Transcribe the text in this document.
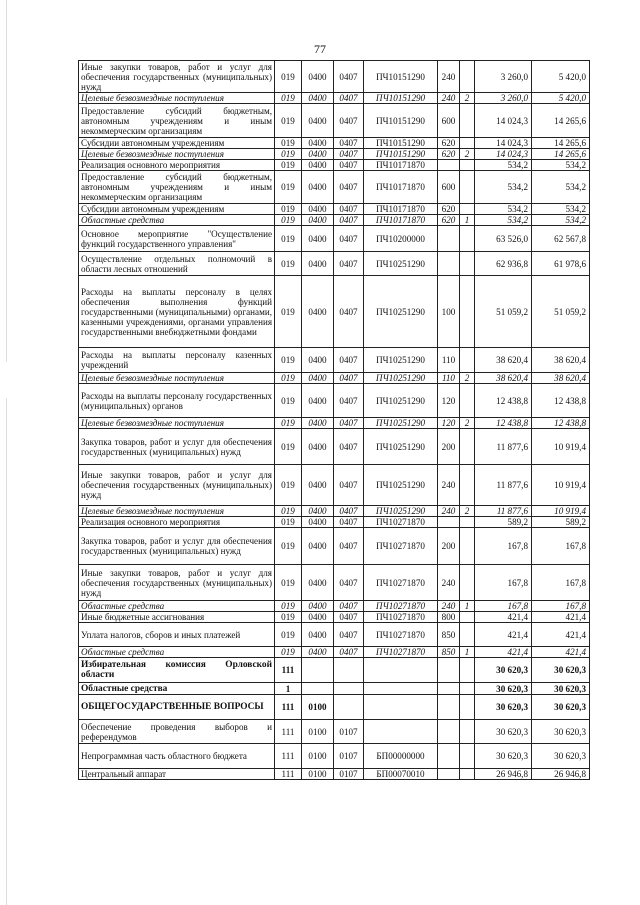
77
Иные закупки товаров, работ и услуг для обеспечения государственных (муниципальных) нужд	019	0400	0407	ПЧ10151290	240		3 260,0	5 420,0
Целевые безвозмездные поступления	019	0400	0407	ПЧ10151290	240	2	3 260,0	5 420,0
Предоставление субсидий бюджетным, автономным учреждениям и иным некоммерческим организациям	019	0400	0407	ПЧ10151290	600		14 024,3	14 265,6
Субсидии автономным учреждениям	019	0400	0407	ПЧ10151290	620		14 024,3	14 265,6
Целевые безвозмездные поступления	019	0400	0407	ПЧ10151290	620	2	14 024,3	14 265,6
Реализация основного мероприятия	019	0400	0407	ПЧ10171870			534,2	534,2
Предоставление субсидий бюджетным, автономным учреждениям и иным некоммерческим организациям	019	0400	0407	ПЧ10171870	600		534,2	534,2
Субсидии автономным учреждениям	019	0400	0407	ПЧ10171870	620		534,2	534,2
Областные средства	019	0400	0407	ПЧ10171870	620	1	534,2	534,2
Основное мероприятие "Осуществление функций государственного управления"	019	0400	0407	ПЧ10200000			63 526,0	62 567,8
Осуществление отдельных полномочий в области лесных отношений	019	0400	0407	ПЧ10251290			62 936,8	61 978,6
Расходы на выплаты персоналу в целях обеспечения выполнения функций государственными (муниципальными) органами, казенными учреждениями, органами управления государственными внебюджетными фондами	019	0400	0407	ПЧ10251290	100		51 059,2	51 059,2
Расходы на выплаты персоналу казенных учреждений	019	0400	0407	ПЧ10251290	110		38 620,4	38 620,4
Целевые безвозмездные поступления	019	0400	0407	ПЧ10251290	110	2	38 620,4	38 620,4
Расходы на выплаты персоналу государственных (муниципальных) органов	019	0400	0407	ПЧ10251290	120		12 438,8	12 438,8
Целевые безвозмездные поступления	019	0400	0407	ПЧ10251290	120	2	12 438,8	12 438,8
Закупка товаров, работ и услуг для обеспечения государственных (муниципальных) нужд	019	0400	0407	ПЧ10251290	200		11 877,6	10 919,4
Иные закупки товаров, работ и услуг для обеспечения государственных (муниципальных) нужд	019	0400	0407	ПЧ10251290	240		11 877,6	10 919,4
Целевые безвозмездные поступления	019	0400	0407	ПЧ10251290	240	2	11 877,6	10 919,4
Реализация основного мероприятия	019	0400	0407	ПЧ10271870			589,2	589,2
Закупка товаров, работ и услуг для обеспечения государственных (муниципальных) нужд	019	0400	0407	ПЧ10271870	200		167,8	167,8
Иные закупки товаров, работ и услуг для обеспечения государственных (муниципальных) нужд	019	0400	0407	ПЧ10271870	240		167,8	167,8
Областные средства	019	0400	0407	ПЧ10271870	240	1	167,8	167,8
Иные бюджетные ассигнования	019	0400	0407	ПЧ10271870	800		421,4	421,4
Уплата налогов, сборов и иных платежей	019	0400	0407	ПЧ10271870	850		421,4	421,4
Областные средства	019	0400	0407	ПЧ10271870	850	1	421,4	421,4
Избирательная комиссия Орловской области	111						30 620,3	30 620,3
Областные средства	1						30 620,3	30 620,3
ОБЩЕГОСУДАРСТВЕННЫЕ ВОПРОСЫ	111	0100					30 620,3	30 620,3
Обеспечение проведения выборов и референдумов	111	0100	0107				30 620,3	30 620,3
Непрограммная часть областного бюджета	111	0100	0107	БП00000000			30 620,3	30 620,3
Центральный аппарат	111	0100	0107	БП00070010			26 946,8	26 946,8
